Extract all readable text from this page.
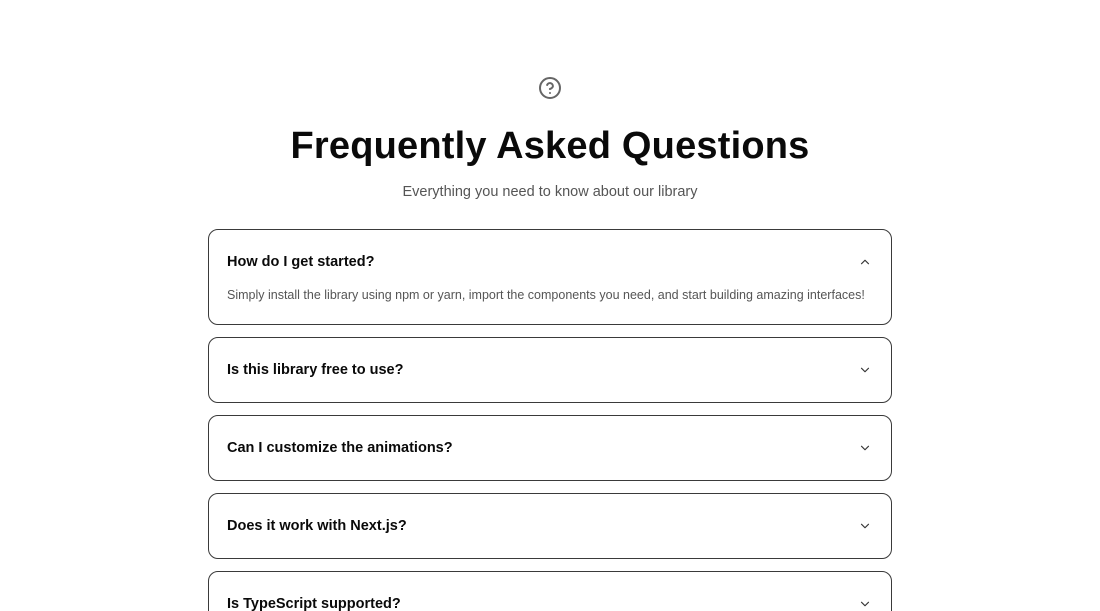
Frequently Asked Questions

Everything you need to know about our library

How do I get started?
Simply install the library using npm or yarn, import the components you need, and start building amazing interfaces!
Is this library free to use?
Can I customize the animations?
Does it work with Next.js?
Is TypeScript supported?
